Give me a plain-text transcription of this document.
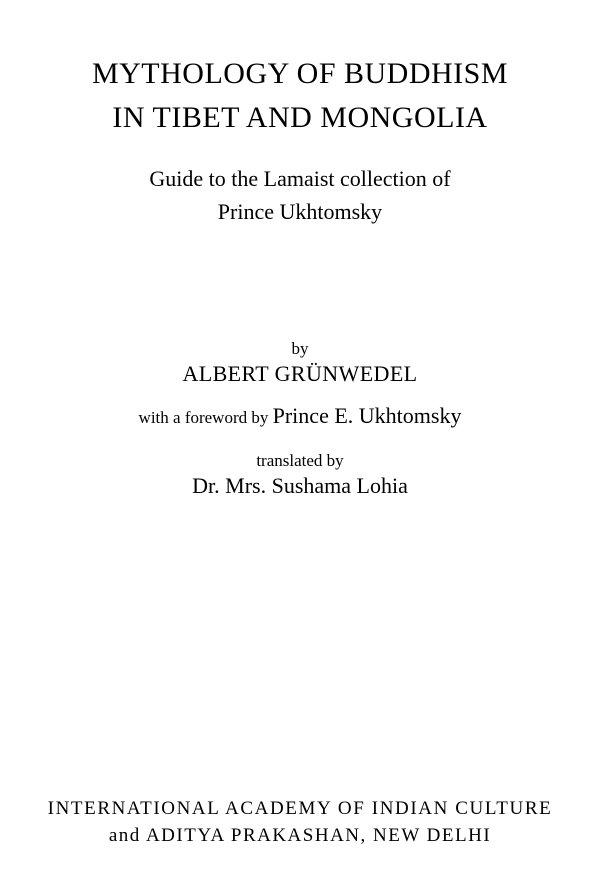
MYTHOLOGY OF BUDDHISM
IN TIBET AND MONGOLIA
Guide to the Lamaist collection of
Prince Ukhtomsky
by
ALBERT GRÜNWEDEL
with a foreword by Prince E. Ukhtomsky
translated by
Dr. Mrs. Sushama Lohia
INTERNATIONAL ACADEMY OF INDIAN CULTURE
and ADITYA PRAKASHAN, NEW DELHI
